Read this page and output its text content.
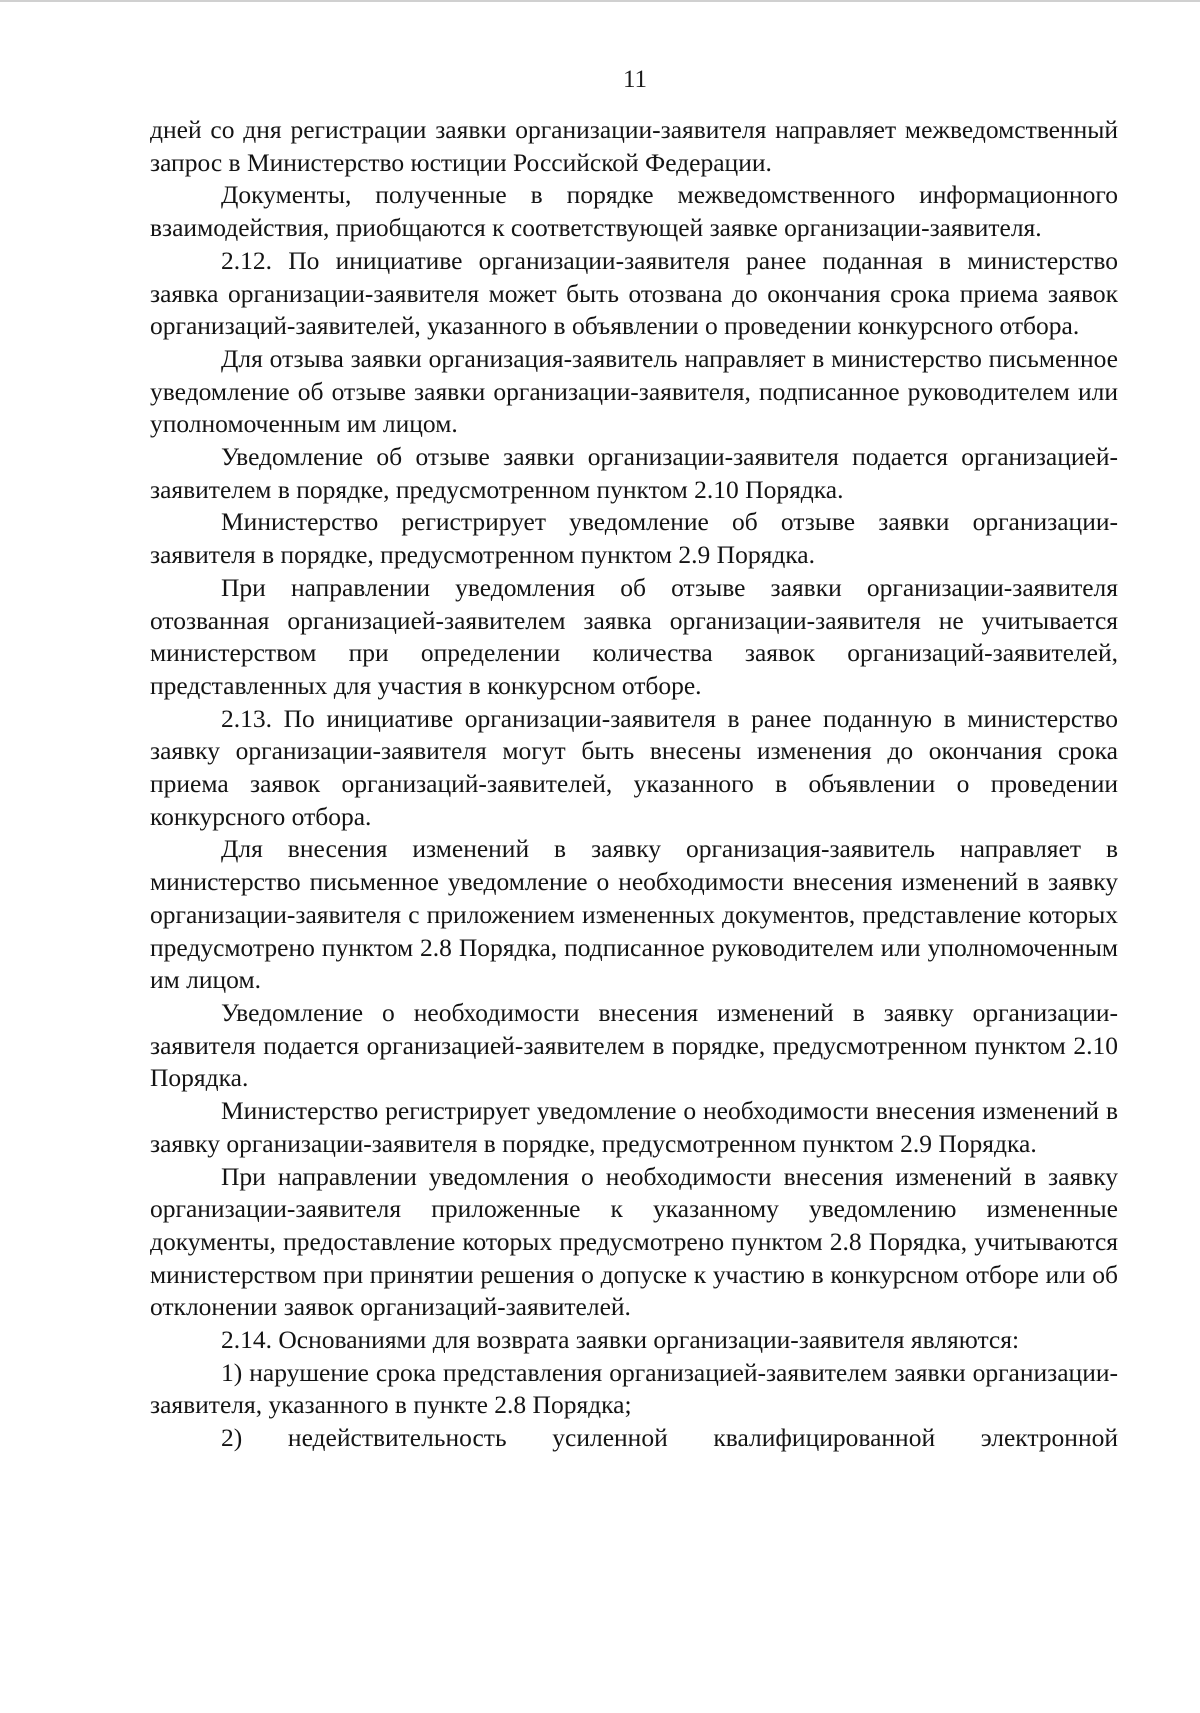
11

дней со дня регистрации заявки организации-заявителя направляет межведомственный запрос в Министерство юстиции Российской Федерации.

Документы, полученные в порядке межведомственного информационного взаимодействия, приобщаются к соответствующей заявке организации-заявителя.

2.12. По инициативе организации-заявителя ранее поданная в министерство заявка организации-заявителя может быть отозвана до окончания срока приема заявок организаций-заявителей, указанного в объявлении о проведении конкурсного отбора.

Для отзыва заявки организация-заявитель направляет в министерство письменное уведомление об отзыве заявки организации-заявителя, подписанное руководителем или уполномоченным им лицом.

Уведомление об отзыве заявки организации-заявителя подается организацией-заявителем в порядке, предусмотренном пунктом 2.10 Порядка.

Министерство регистрирует уведомление об отзыве заявки организации-заявителя в порядке, предусмотренном пунктом 2.9 Порядка.

При направлении уведомления об отзыве заявки организации-заявителя отозванная организацией-заявителем заявка организации-заявителя не учитывается министерством при определении количества заявок организаций-заявителей, представленных для участия в конкурсном отборе.

2.13. По инициативе организации-заявителя в ранее поданную в министерство заявку организации-заявителя могут быть внесены изменения до окончания срока приема заявок организаций-заявителей, указанного в объявлении о проведении конкурсного отбора.

Для внесения изменений в заявку организация-заявитель направляет в министерство письменное уведомление о необходимости внесения изменений в заявку организации-заявителя с приложением измененных документов, представление которых предусмотрено пунктом 2.8 Порядка, подписанное руководителем или уполномоченным им лицом.

Уведомление о необходимости внесения изменений в заявку организации-заявителя подается организацией-заявителем в порядке, предусмотренном пунктом 2.10 Порядка.

Министерство регистрирует уведомление о необходимости внесения изменений в заявку организации-заявителя в порядке, предусмотренном пунктом 2.9 Порядка.

При направлении уведомления о необходимости внесения изменений в заявку организации-заявителя приложенные к указанному уведомлению измененные документы, предоставление которых предусмотрено пунктом 2.8 Порядка, учитываются министерством при принятии решения о допуске к участию в конкурсном отборе или об отклонении заявок организаций-заявителей.

2.14. Основаниями для возврата заявки организации-заявителя являются:

1) нарушение срока представления организацией-заявителем заявки организации-заявителя, указанного в пункте 2.8 Порядка;

2) недействительность усиленной квалифицированной электронной
